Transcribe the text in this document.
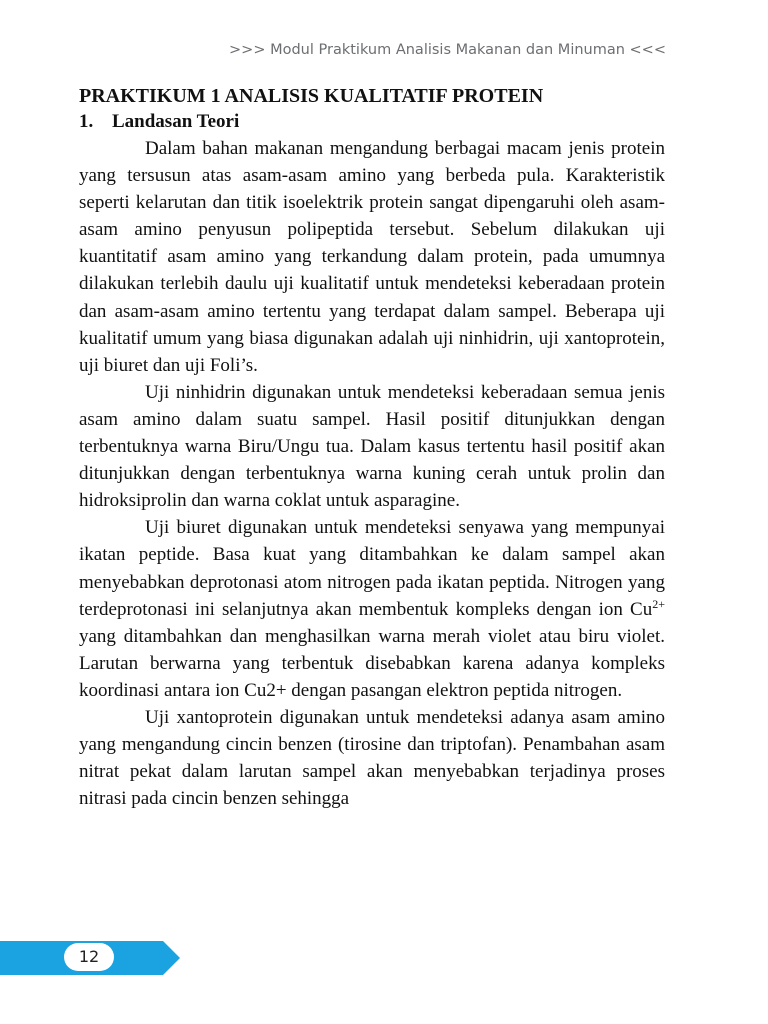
>>> Modul Praktikum Analisis Makanan dan Minuman <<<
PRAKTIKUM 1 ANALISIS KUALITATIF PROTEIN
1. Landasan Teori

Dalam bahan makanan mengandung berbagai macam jenis protein yang tersusun atas asam-asam amino yang berbeda pula. Karakteristik seperti kelarutan dan titik isoelektrik protein sangat dipengaruhi oleh asam-asam amino penyusun polipeptida tersebut. Sebelum dilakukan uji kuantitatif asam amino yang terkandung dalam protein, pada umumnya dilakukan terlebih daulu uji kualitatif untuk mendeteksi keberadaan protein dan asam-asam amino tertentu yang terdapat dalam sampel. Beberapa uji kualitatif umum yang biasa digunakan adalah uji ninhidrin, uji xantoprotein, uji biuret dan uji Foli’s.

Uji ninhidrin digunakan untuk mendeteksi keberadaan semua jenis asam amino dalam suatu sampel. Hasil positif ditunjukkan dengan terbentuknya warna Biru/Ungu tua. Dalam kasus tertentu hasil positif akan ditunjukkan dengan terbentuknya warna kuning cerah untuk prolin dan hidroksiprolin dan warna coklat untuk asparagine.

Uji biuret digunakan untuk mendeteksi senyawa yang mempunyai ikatan peptide. Basa kuat yang ditambahkan ke dalam sampel akan menyebabkan deprotonasi atom nitrogen pada ikatan peptida. Nitrogen yang terdeprotonasi ini selanjutnya akan membentuk kompleks dengan ion $Cu^{2+}$ yang ditambahkan dan menghasilkan warna merah violet atau biru violet. Larutan berwarna yang terbentuk disebabkan karena adanya kompleks koordinasi antara ion Cu2+ dengan pasangan elektron peptida nitrogen.

Uji xantoprotein digunakan untuk mendeteksi adanya asam amino yang mengandung cincin benzen (tirosine dan triptofan). Penambahan asam nitrat pekat dalam larutan sampel akan menyebabkan terjadinya proses nitrasi pada cincin benzen sehingga

12
